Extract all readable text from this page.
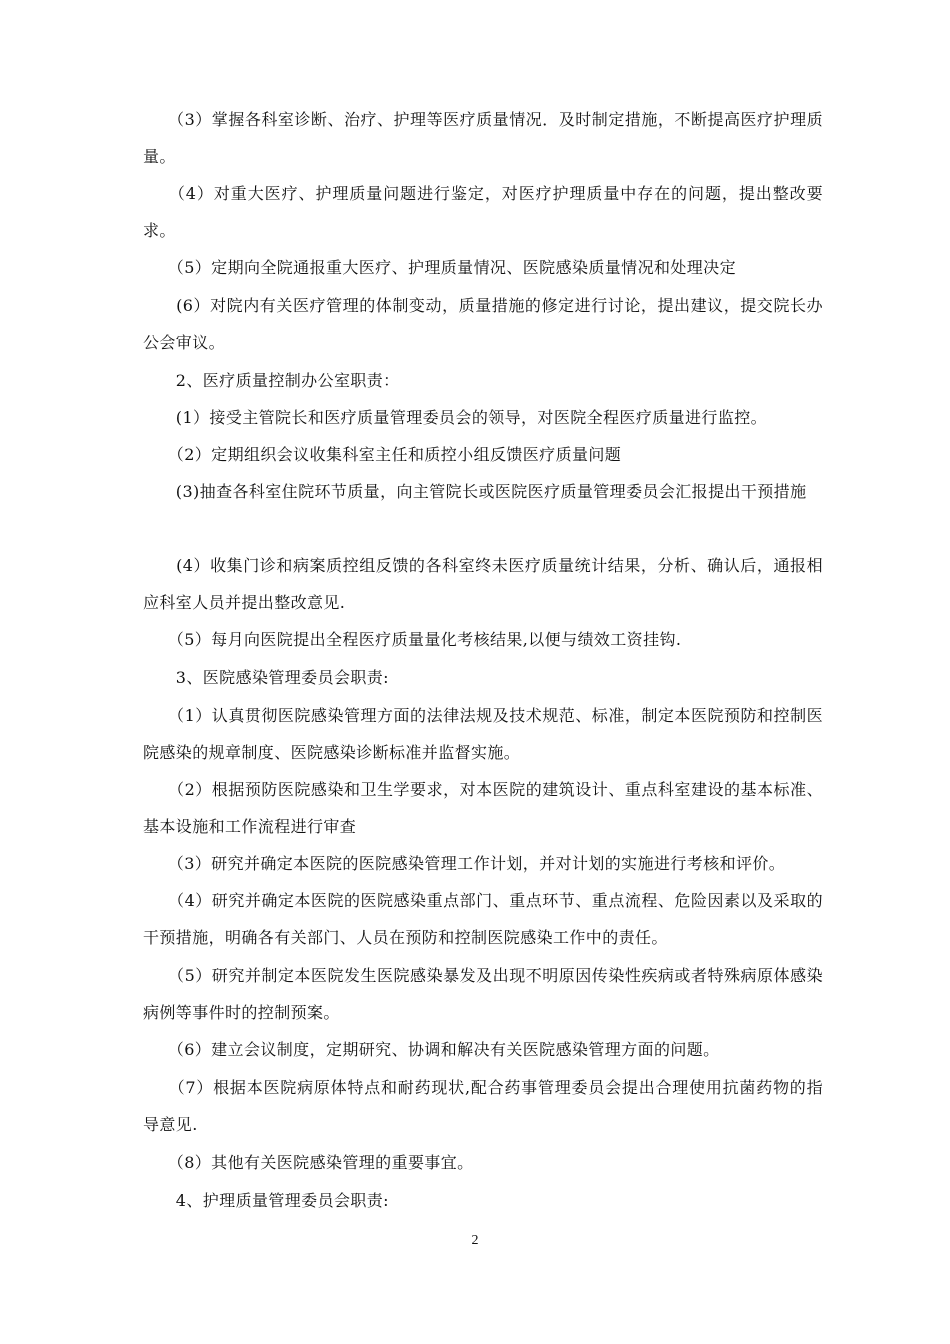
　　（3）掌握各科室诊断、治疗、护理等医疗质量情况．及时制定措施，不断提高医疗护理质量。

　　（4）对重大医疗、护理质量问题进行鉴定，对医疗护理质量中存在的问题，提出整改要求。

　　（5）定期向全院通报重大医疗、护理质量情况、医院感染质量情况和处理决定

　　(6）对院内有关医疗管理的体制变动，质量措施的修定进行讨论，提出建议，提交院长办公会审议。

　　2、医疗质量控制办公室职责：

　　(1）接受主管院长和医疗质量管理委员会的领导，对医院全程医疗质量进行监控。

　　（2）定期组织会议收集科室主任和质控小组反馈医疗质量问题

　　(3)抽查各科室住院环节质量，向主管院长或医院医疗质量管理委员会汇报提出干预措施

　　(4）收集门诊和病案质控组反馈的各科室终未医疗质量统计结果，分析、确认后，通报相应科室人员并提出整改意见.

　　（5）每月向医院提出全程医疗质量量化考核结果,以便与绩效工资挂钩.

　　3、医院感染管理委员会职责:

　　（1）认真贯彻医院感染管理方面的法律法规及技术规范、标准，制定本医院预防和控制医院感染的规章制度、医院感染诊断标准并监督实施。

　　（2）根据预防医院感染和卫生学要求，对本医院的建筑设计、重点科室建设的基本标准、基本设施和工作流程进行审查

　　（3）研究并确定本医院的医院感染管理工作计划，并对计划的实施进行考核和评价。

　　（4）研究并确定本医院的医院感染重点部门、重点环节、重点流程、危险因素以及采取的干预措施，明确各有关部门、人员在预防和控制医院感染工作中的责任。

　　（5）研究并制定本医院发生医院感染暴发及出现不明原因传染性疾病或者特殊病原体感染病例等事件时的控制预案。

　　（6）建立会议制度，定期研究、协调和解决有关医院感染管理方面的问题。

　　（7）根据本医院病原体特点和耐药现状,配合药事管理委员会提出合理使用抗菌药物的指导意见.

　　（8）其他有关医院感染管理的重要事宜。

　　4、护理质量管理委员会职责:

2
